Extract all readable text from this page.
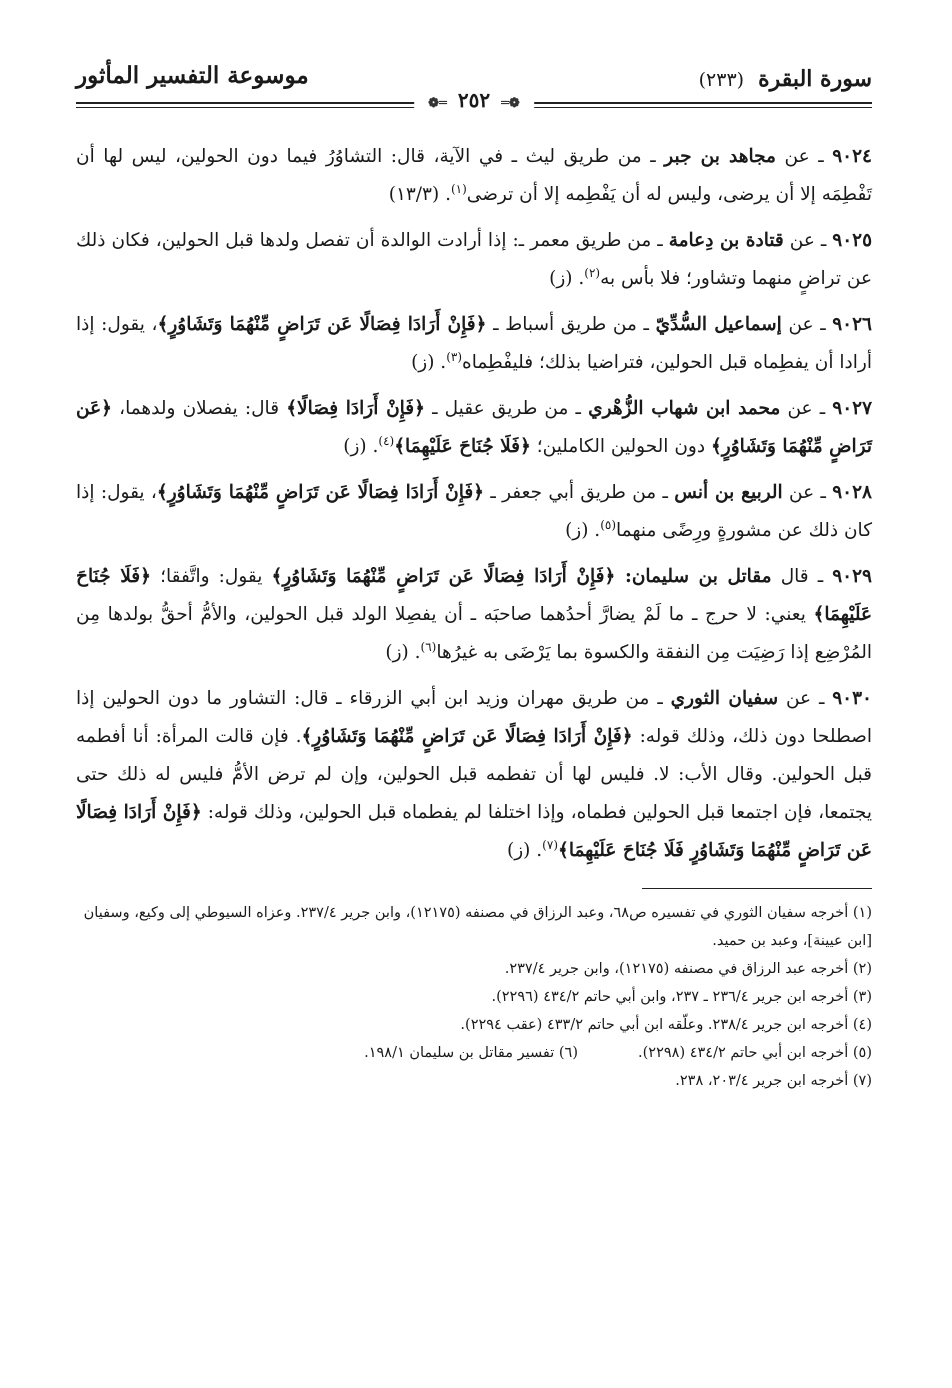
سورة البقرة (٢٣٣)
موسوعة التفسير المأثور
❁═ ٢٥٢ ═❁

٩٠٢٤ ـ عن مجاهد بن جبر ـ من طريق ليث ـ في الآية، قال: التشاوُرُ فيما دون الحولين، ليس لها أن تَفْطِمَه إلا أن يرضى، وليس له أن يَفْطِمه إلا أن ترضى$^{(١)}$. (١٣/٣)

٩٠٢٥ ـ عن قتادة بن دِعامة ـ من طريق معمر ـ: إذا أرادت الوالدة أن تفصل ولدها قبل الحولين، فكان ذلك عن تراضٍ منهما وتشاور؛ فلا بأس به$^{(٢)}$. (ز)

٩٠٢٦ ـ عن إسماعيل السُّدِّيّ ـ من طريق أسباط ـ ﴿فَإِنْ أَرَادَا فِصَالًا عَن تَرَاضٍ مِّنْهُمَا وَتَشَاوُرٍ﴾، يقول: إذا أرادا أن يفطِماه قبل الحولين، فتراضيا بذلك؛ فليفْطِماه$^{(٣)}$. (ز)

٩٠٢٧ ـ عن محمد ابن شهاب الزُّهْري ـ من طريق عقيل ـ ﴿فَإِنْ أَرَادَا فِصَالًا﴾ قال: يفصلان ولدهما، ﴿عَن تَرَاضٍ مِّنْهُمَا وَتَشَاوُرٍ﴾ دون الحولين الكاملين؛ ﴿فَلَا جُنَاحَ عَلَيْهِمَا﴾$^{(٤)}$. (ز)

٩٠٢٨ ـ عن الربيع بن أنس ـ من طريق أبي جعفر ـ ﴿فَإِنْ أَرَادَا فِصَالًا عَن تَرَاضٍ مِّنْهُمَا وَتَشَاوُرٍ﴾، يقول: إذا كان ذلك عن مشورةٍ ورِضًى منهما$^{(٥)}$. (ز)

٩٠٢٩ ـ قال مقاتل بن سليمان: ﴿فَإِنْ أَرَادَا فِصَالًا عَن تَرَاضٍ مِّنْهُمَا وَتَشَاوُرٍ﴾ يقول: واتَّفقا؛ ﴿فَلَا جُنَاحَ عَلَيْهِمَا﴾ يعني: لا حرج ـ ما لَمْ يضارَّ أحدُهما صاحبَه ـ أن يفصِلا الولد قبل الحولين، والأمُّ أحقُّ بولدها مِن المُرْضِع إذا رَضِيَت مِن النفقة والكسوة بما يَرْضَى به غيرُها$^{(٦)}$. (ز)

٩٠٣٠ ـ عن سفيان الثوري ـ من طريق مهران وزيد ابن أبي الزرقاء ـ قال: التشاور ما دون الحولين إذا اصطلحا دون ذلك، وذلك قوله: ﴿فَإِنْ أَرَادَا فِصَالًا عَن تَرَاضٍ مِّنْهُمَا وَتَشَاوُرٍ﴾. فإن قالت المرأة: أنا أفطمه قبل الحولين. وقال الأب: لا. فليس لها أن تفطمه قبل الحولين، وإن لم ترض الأمُّ فليس له ذلك حتى يجتمعا، فإن اجتمعا قبل الحولين فطماه، وإذا اختلفا لم يفطماه قبل الحولين، وذلك قوله: ﴿فَإِنْ أَرَادَا فِصَالًا عَن تَرَاضٍ مِّنْهُمَا وَتَشَاوُرٍ فَلَا جُنَاحَ عَلَيْهِمَا﴾$^{(٧)}$. (ز)

(١) أخرجه سفيان الثوري في تفسيره ص٦٨، وعبد الرزاق في مصنفه (١٢١٧٥)، وابن جرير ٢٣٧/٤. وعزاه السيوطي إلى وكيع، وسفيان [ابن عيينة]، وعبد بن حميد.

(٢) أخرجه عبد الرزاق في مصنفه (١٢١٧٥)، وابن جرير ٢٣٧/٤.

(٣) أخرجه ابن جرير ٢٣٦/٤ ـ ٢٣٧، وابن أبي حاتم ٤٣٤/٢ (٢٢٩٦).

(٤) أخرجه ابن جرير ٢٣٨/٤. وعلّقه ابن أبي حاتم ٤٣٣/٢ (عقب ٢٢٩٤).

(٥) أخرجه ابن أبي حاتم ٤٣٤/٢ (٢٢٩٨).
(٦) تفسير مقاتل بن سليمان ١٩٨/١.

(٧) أخرجه ابن جرير ٢٠٣/٤، ٢٣٨.
